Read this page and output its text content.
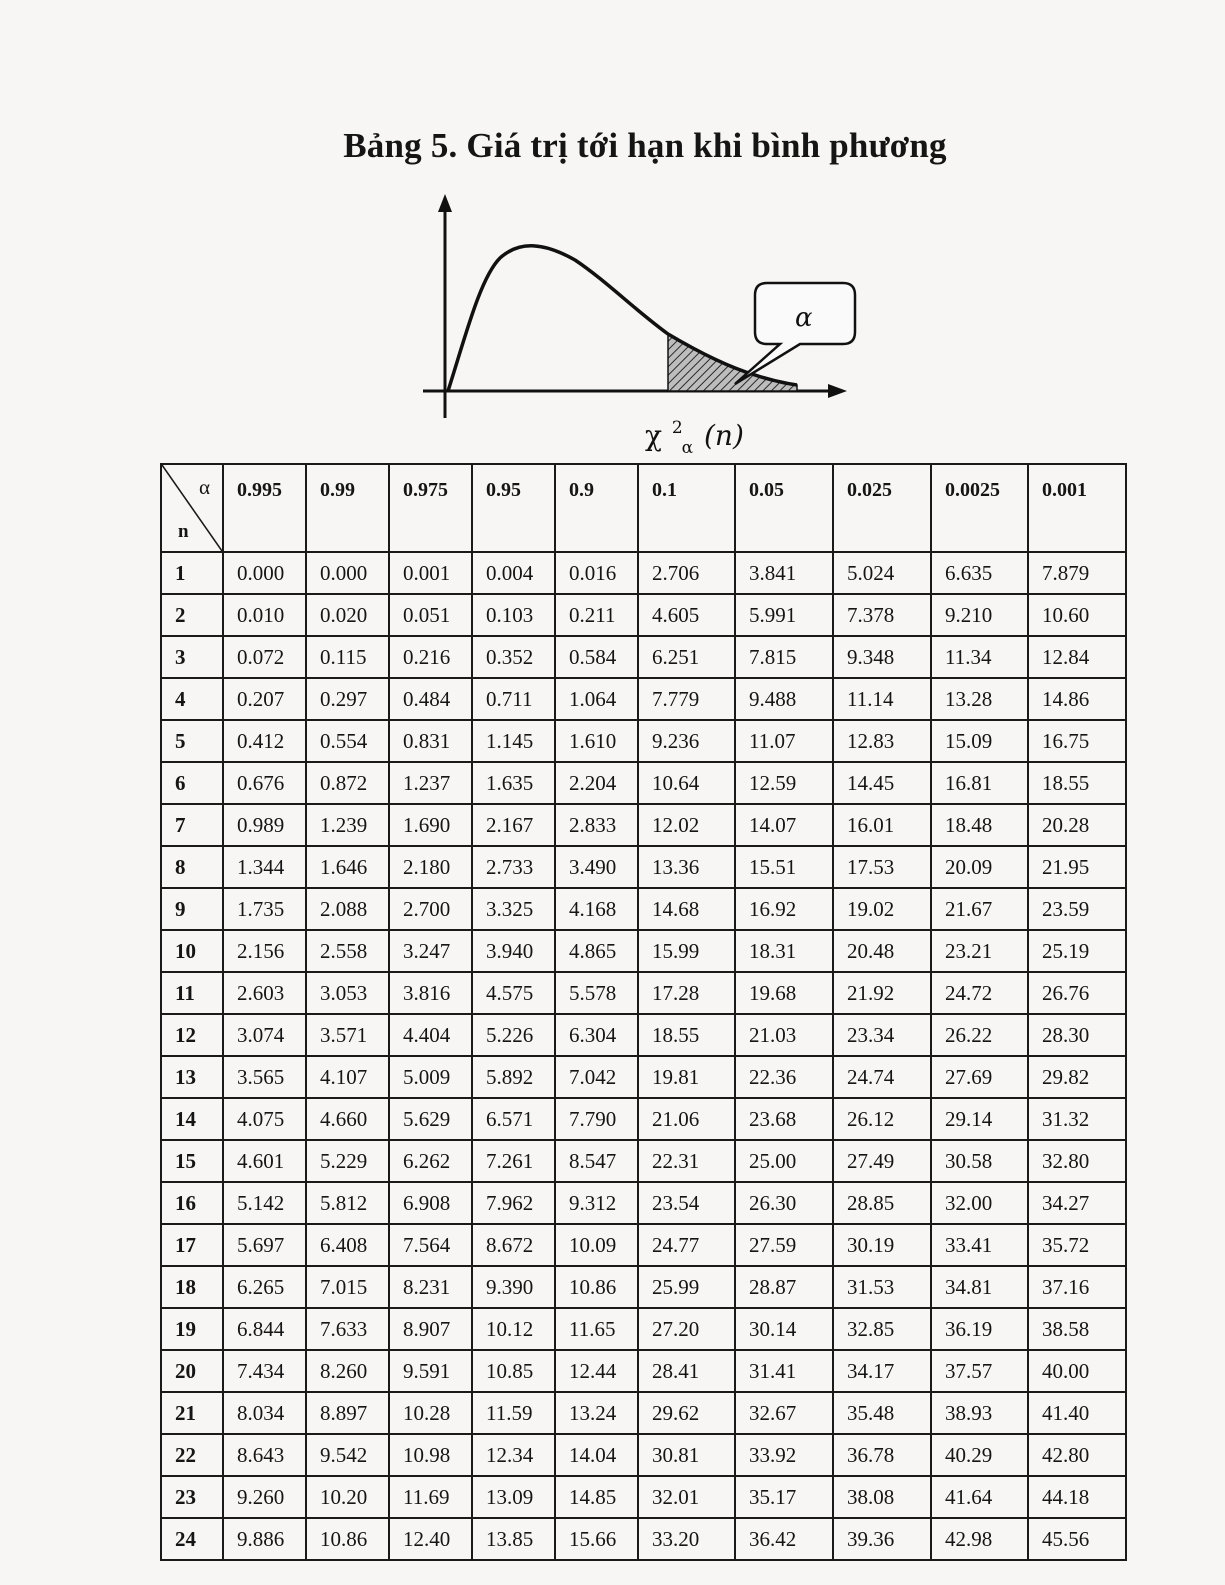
Bảng 5. Giá trị tới hạn khi bình phương
α
χ $^2$ α (n)
α
n	0.995	0.99	0.975	0.95	0.9	0.1	0.05	0.025	0.0025	0.001
1	0.000	0.000	0.001	0.004	0.016	2.706	3.841	5.024	6.635	7.879
2	0.010	0.020	0.051	0.103	0.211	4.605	5.991	7.378	9.210	10.60
3	0.072	0.115	0.216	0.352	0.584	6.251	7.815	9.348	11.34	12.84
4	0.207	0.297	0.484	0.711	1.064	7.779	9.488	11.14	13.28	14.86
5	0.412	0.554	0.831	1.145	1.610	9.236	11.07	12.83	15.09	16.75
6	0.676	0.872	1.237	1.635	2.204	10.64	12.59	14.45	16.81	18.55
7	0.989	1.239	1.690	2.167	2.833	12.02	14.07	16.01	18.48	20.28
8	1.344	1.646	2.180	2.733	3.490	13.36	15.51	17.53	20.09	21.95
9	1.735	2.088	2.700	3.325	4.168	14.68	16.92	19.02	21.67	23.59
10	2.156	2.558	3.247	3.940	4.865	15.99	18.31	20.48	23.21	25.19
11	2.603	3.053	3.816	4.575	5.578	17.28	19.68	21.92	24.72	26.76
12	3.074	3.571	4.404	5.226	6.304	18.55	21.03	23.34	26.22	28.30
13	3.565	4.107	5.009	5.892	7.042	19.81	22.36	24.74	27.69	29.82
14	4.075	4.660	5.629	6.571	7.790	21.06	23.68	26.12	29.14	31.32
15	4.601	5.229	6.262	7.261	8.547	22.31	25.00	27.49	30.58	32.80
16	5.142	5.812	6.908	7.962	9.312	23.54	26.30	28.85	32.00	34.27
17	5.697	6.408	7.564	8.672	10.09	24.77	27.59	30.19	33.41	35.72
18	6.265	7.015	8.231	9.390	10.86	25.99	28.87	31.53	34.81	37.16
19	6.844	7.633	8.907	10.12	11.65	27.20	30.14	32.85	36.19	38.58
20	7.434	8.260	9.591	10.85	12.44	28.41	31.41	34.17	37.57	40.00
21	8.034	8.897	10.28	11.59	13.24	29.62	32.67	35.48	38.93	41.40
22	8.643	9.542	10.98	12.34	14.04	30.81	33.92	36.78	40.29	42.80
23	9.260	10.20	11.69	13.09	14.85	32.01	35.17	38.08	41.64	44.18
24	9.886	10.86	12.40	13.85	15.66	33.20	36.42	39.36	42.98	45.56
